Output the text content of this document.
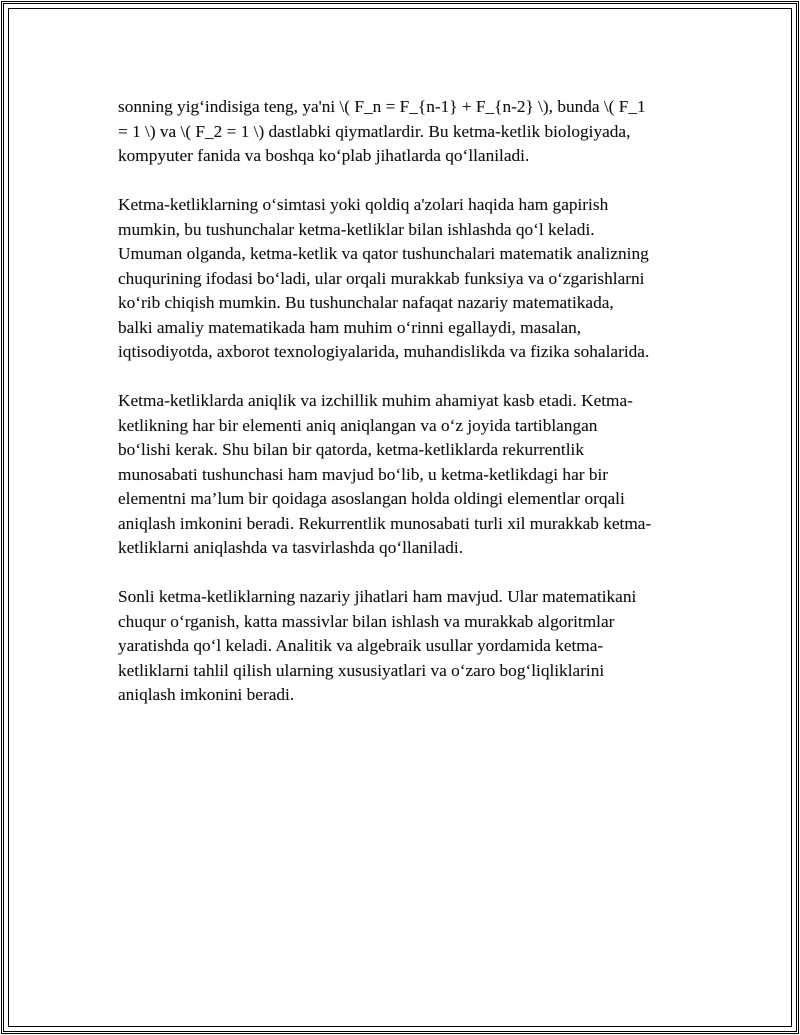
sonning yig‘indisiga teng, ya'ni \( F_n = F_{n-1} + F_{n-2} \), bunda \( F_1
= 1 \) va \( F_2 = 1 \) dastlabki qiymatlardir. Bu ketma-ketlik biologiyada,
kompyuter fanida va boshqa ko‘plab jihatlarda qo‘llaniladi.

Ketma-ketliklarning o‘simtasi yoki qoldiq a'zolari haqida ham gapirish
mumkin, bu tushunchalar ketma-ketliklar bilan ishlashda qo‘l keladi.
Umuman olganda, ketma-ketlik va qator tushunchalari matematik analizning
chuqurining ifodasi bo‘ladi, ular orqali murakkab funksiya va o‘zgarishlarni
ko‘rib chiqish mumkin. Bu tushunchalar nafaqat nazariy matematikada,
balki amaliy matematikada ham muhim o‘rinni egallaydi, masalan,
iqtisodiyotda, axborot texnologiyalarida, muhandislikda va fizika sohalarida.

Ketma-ketliklarda aniqlik va izchillik muhim ahamiyat kasb etadi. Ketma-
ketlikning har bir elementi aniq aniqlangan va o‘z joyida tartiblangan
bo‘lishi kerak. Shu bilan bir qatorda, ketma-ketliklarda rekurrentlik
munosabati tushunchasi ham mavjud bo‘lib, u ketma-ketlikdagi har bir
elementni ma’lum bir qoidaga asoslangan holda oldingi elementlar orqali
aniqlash imkonini beradi. Rekurrentlik munosabati turli xil murakkab ketma-
ketliklarni aniqlashda va tasvirlashda qo‘llaniladi.

Sonli ketma-ketliklarning nazariy jihatlari ham mavjud. Ular matematikani
chuqur o‘rganish, katta massivlar bilan ishlash va murakkab algoritmlar
yaratishda qo‘l keladi. Analitik va algebraik usullar yordamida ketma-
ketliklarni tahlil qilish ularning xususiyatlari va o‘zaro bog‘liqliklarini
aniqlash imkonini beradi.
